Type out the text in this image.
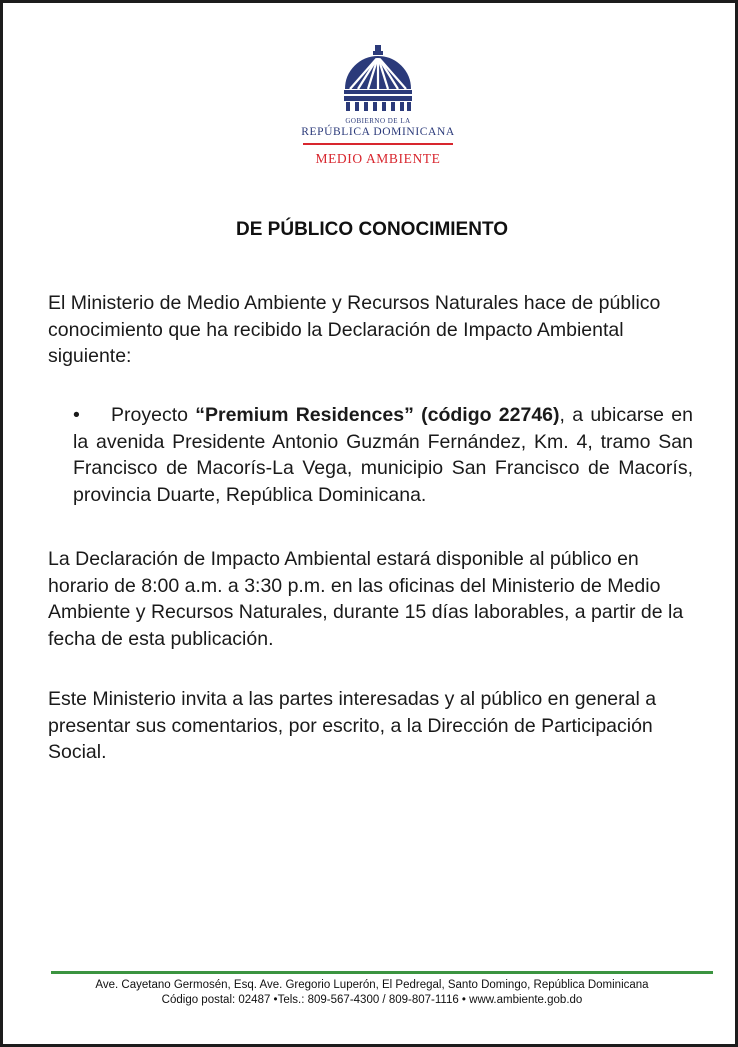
GOBIERNO DE LA
REPÚBLICA DOMINICANA
MEDIO AMBIENTE
DE PÚBLICO CONOCIMIENTO
El Ministerio de Medio Ambiente y Recursos Naturales hace de público conocimiento que ha recibido la Declaración de Impacto Ambiental siguiente:
• Proyecto “Premium Residences” (código 22746), a ubicarse en la avenida Presidente Antonio Guzmán Fernández, Km. 4, tramo San Francisco de Macorís-La Vega, municipio San Francisco de Macorís, provincia Duarte, República Dominicana.
La Declaración de Impacto Ambiental estará disponible al público en horario de 8:00 a.m. a 3:30 p.m. en las oficinas del Ministerio de Medio Ambiente y Recursos Naturales, durante 15 días laborables, a partir de la fecha de esta publicación.
Este Ministerio invita a las partes interesadas y al público en general a presentar sus comentarios, por escrito, a la Dirección de Participación Social.
Ave. Cayetano Germosén, Esq. Ave. Gregorio Luperón, El Pedregal, Santo Domingo, República Dominicana
Código postal: 02487 •Tels.: 809-567-4300 / 809-807-1116 • www.ambiente.gob.do
